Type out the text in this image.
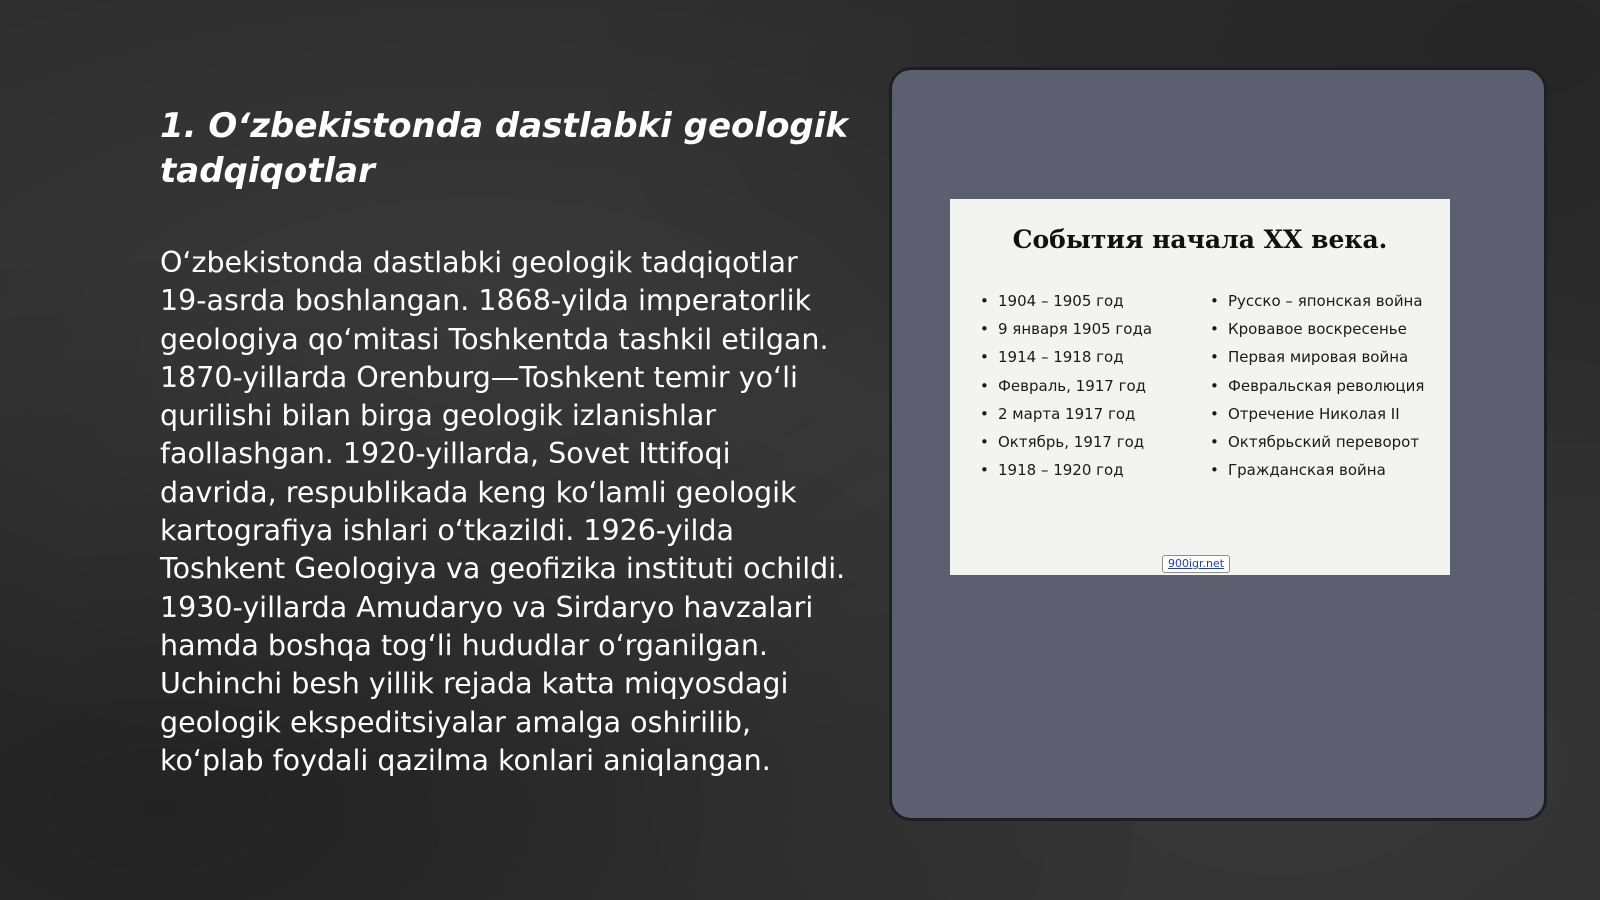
1. O‘zbekistonda dastlabki geologik tadqiqotlar

O‘zbekistonda dastlabki geologik tadqiqotlar 19-asrda boshlangan. 1868-yilda imperatorlik geologiya qo‘mitasi Toshkentda tashkil etilgan. 1870-yillarda Orenburg—Toshkent temir yo‘li qurilishi bilan birga geologik izlanishlar faollashgan. 1920-yillarda, Sovet Ittifoqi davrida, respublikada keng ko‘lamli geologik kartografiya ishlari o‘tkazildi. 1926-yilda Toshkent Geologiya va geofizika instituti ochildi. 1930-yillarda Amudaryo va Sirdaryo havzalari hamda boshqa tog‘li hududlar o‘rganilgan. Uchinchi besh yillik rejada katta miqyosdagi geologik ekspeditsiyalar amalga oshirilib, ko‘plab foydali qazilma konlari aniqlangan.

События начала XX века.
• 1904 – 1905 год
• 9 января 1905 года
• 1914 – 1918 год
• Февраль, 1917 год
• 2 марта 1917 год
• Октябрь, 1917 год
• 1918 – 1920 год
• Русско – японская война
• Кровавое воскресенье
• Первая мировая война
• Февральская революция
• Отречение Николая II
• Октябрьский переворот
• Гражданская война
900igr.net
